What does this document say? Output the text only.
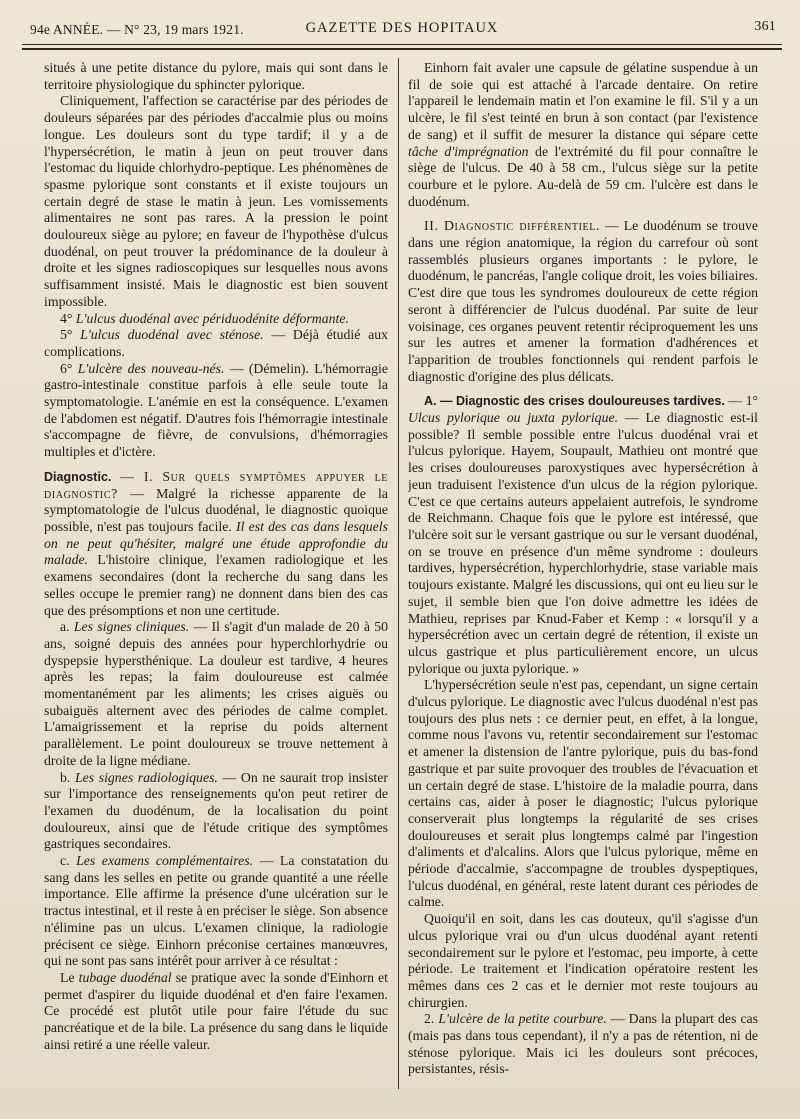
94e ANNÉE. — N° 23, 19 mars 1921.	GAZETTE DES HOPITAUX	361

situés à une petite distance du pylore, mais qui sont dans le territoire physiologique du sphincter pylorique.

Cliniquement, l'affection se caractérise par des périodes de douleurs séparées par des périodes d'accalmie plus ou moins longue. Les douleurs sont du type tardif; il y a de l'hypersécrétion, le matin à jeun on peut trouver dans l'estomac du liquide chlorhydro-peptique. Les phénomènes de spasme pylorique sont constants et il existe toujours un certain degré de stase le matin à jeun. Les vomissements alimentaires ne sont pas rares. A la pression le point douloureux siège au pylore; en faveur de l'hypothèse d'ulcus duodénal, on peut trouver la prédominance de la douleur à droite et les signes radioscopiques sur lesquelles nous avons suffisamment insisté. Mais le diagnostic est bien souvent impossible.

4° L'ulcus duodénal avec périduodénite déformante.

5° L'ulcus duodénal avec sténose. — Déjà étudié aux complications.

6° L'ulcère des nouveau-nés. — (Démelin). L'hémorragie gastro-intestinale constitue parfois à elle seule toute la symptomatologie. L'anémie en est la conséquence. L'examen de l'abdomen est négatif. D'autres fois l'hémorragie intestinale s'accompagne de fièvre, de convulsions, d'hémorragies multiples et d'ictère.

Diagnostic. — I. Sur quels symptômes appuyer le diagnostic? — Malgré la richesse apparente de la symptomatologie de l'ulcus duodénal, le diagnostic quoique possible, n'est pas toujours facile. Il est des cas dans lesquels on ne peut qu'hésiter, malgré une étude approfondie du malade. L'histoire clinique, l'examen radiologique et les examens secondaires (dont la recherche du sang dans les selles occupe le premier rang) ne donnent dans bien des cas que des présomptions et non une certitude.

a. Les signes cliniques. — Il s'agit d'un malade de 20 à 50 ans, soigné depuis des années pour hyperchlorhydrie ou dyspepsie hypersthénique. La douleur est tardive, 4 heures après les repas; la faim douloureuse est calmée momentanément par les aliments; les crises aiguës ou subaiguës alternent avec des périodes de calme complet. L'amaigrissement et la reprise du poids alternent parallèlement. Le point douloureux se trouve nettement à droite de la ligne médiane.

b. Les signes radiologiques. — On ne saurait trop insister sur l'importance des renseignements qu'on peut retirer de l'examen du duodénum, de la localisation du point douloureux, ainsi que de l'étude critique des symptômes gastriques secondaires.

c. Les examens complémentaires. — La constatation du sang dans les selles en petite ou grande quantité a une réelle importance. Elle affirme la présence d'une ulcération sur le tractus intestinal, et il reste à en préciser le siège. Son absence n'élimine pas un ulcus. L'examen clinique, la radiologie précisent ce siège. Einhorn préconise certaines manœuvres, qui ne sont pas sans intérêt pour arriver à ce résultat :

Le tubage duodénal se pratique avec la sonde d'Einhorn et permet d'aspirer du liquide duodénal et d'en faire l'examen. Ce procédé est plutôt utile pour faire l'étude du suc pancréatique et de la bile. La présence du sang dans le liquide ainsi retiré a une réelle valeur.

Einhorn fait avaler une capsule de gélatine suspendue à un fil de soie qui est attaché à l'arcade dentaire. On retire l'appareil le lendemain matin et l'on examine le fil. S'il y a un ulcère, le fil s'est teinté en brun à son contact (par l'existence de sang) et il suffit de mesurer la distance qui sépare cette tâche d'imprégnation de l'extrémité du fil pour connaître le siège de l'ulcus. De 40 à 58 cm., l'ulcus siège sur la petite courbure et le pylore. Au-delà de 59 cm. l'ulcère est dans le duodénum.

II. Diagnostic différentiel. — Le duodénum se trouve dans une région anatomique, la région du carrefour où sont rassemblés plusieurs organes importants : le pylore, le duodénum, le pancréas, l'angle colique droit, les voies biliaires. C'est dire que tous les syndromes douloureux de cette région seront à différencier de l'ulcus duodénal. Par suite de leur voisinage, ces organes peuvent retentir réciproquement les uns sur les autres et amener la formation d'adhérences et l'apparition de troubles fonctionnels qui rendent parfois le diagnostic d'origine des plus délicats.

A. — Diagnostic des crises douloureuses tardives. — 1° Ulcus pylorique ou juxta pylorique. — Le diagnostic est-il possible? Il semble possible entre l'ulcus duodénal vrai et l'ulcus pylorique. Hayem, Soupault, Mathieu ont montré que les crises douloureuses paroxystiques avec hypersécrétion à jeun traduisent l'existence d'un ulcus de la région pylorique. C'est ce que certains auteurs appelaient autrefois, le syndrome de Reichmann. Chaque fois que le pylore est intéressé, que l'ulcère soit sur le versant gastrique ou sur le versant duodénal, on se trouve en présence d'un même syndrome : douleurs tardives, hypersécrétion, hyperchlorhydrie, stase variable mais toujours existante. Malgré les discussions, qui ont eu lieu sur le sujet, il semble bien que l'on doive admettre les idées de Mathieu, reprises par Knud-Faber et Kemp : « lorsqu'il y a hypersécrétion avec un certain degré de rétention, il existe un ulcus gastrique et plus particulièrement encore, un ulcus pylorique ou juxta pylorique. »

L'hypersécrétion seule n'est pas, cependant, un signe certain d'ulcus pylorique. Le diagnostic avec l'ulcus duodénal n'est pas toujours des plus nets : ce dernier peut, en effet, à la longue, comme nous l'avons vu, retentir secondairement sur l'estomac et amener la distension de l'antre pylorique, puis du bas-fond gastrique et par suite provoquer des troubles de l'évacuation et un certain degré de stase. L'histoire de la maladie pourra, dans certains cas, aider à poser le diagnostic; l'ulcus pylorique conserverait plus longtemps la régularité de ses crises douloureuses et serait plus longtemps calmé par l'ingestion d'aliments et d'alcalins. Alors que l'ulcus pylorique, même en période d'accalmie, s'accompagne de troubles dyspeptiques, l'ulcus duodénal, en général, reste latent durant ces périodes de calme.

Quoiqu'il en soit, dans les cas douteux, qu'il s'agisse d'un ulcus pylorique vrai ou d'un ulcus duodénal ayant retenti secondairement sur le pylore et l'estomac, peu importe, à cette période. Le traitement et l'indication opératoire restent les mêmes dans ces 2 cas et le dernier mot reste toujours au chirurgien.

2. L'ulcère de la petite courbure. — Dans la plupart des cas (mais pas dans tous cependant), il n'y a pas de rétention, ni de sténose pylorique. Mais ici les douleurs sont précoces, persistantes, résis-
